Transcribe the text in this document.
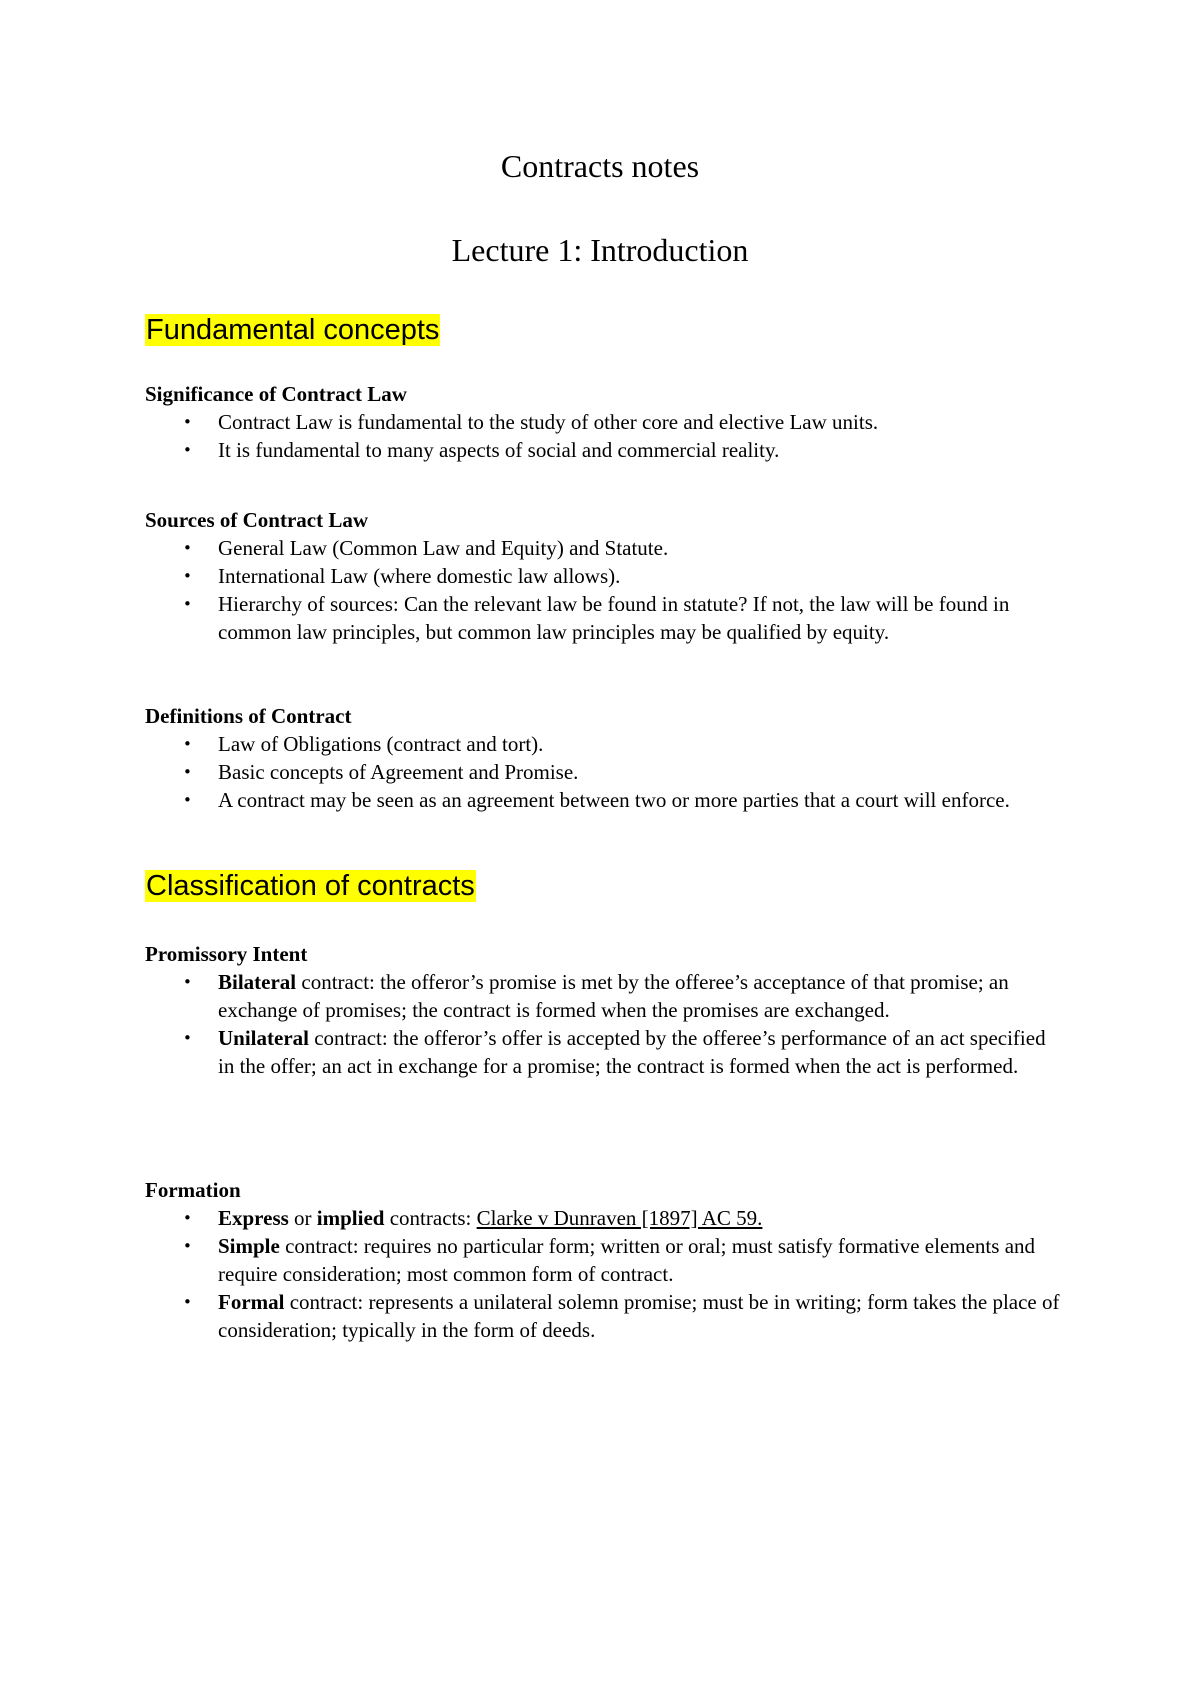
Contracts notes
Lecture 1: Introduction
Fundamental concepts

Significance of Contract Law

• Contract Law is fundamental to the study of other core and elective Law units.
• It is fundamental to many aspects of social and commercial reality.

Sources of Contract Law

• General Law (Common Law and Equity) and Statute.
• International Law (where domestic law allows).
• Hierarchy of sources: Can the relevant law be found in statute? If not, the law will be found in common law principles, but common law principles may be qualified by equity.

Definitions of Contract

• Law of Obligations (contract and tort).
• Basic concepts of Agreement and Promise.
• A contract may be seen as an agreement between two or more parties that a court will enforce.
Classification of contracts

Promissory Intent

• Bilateral contract: the offeror’s promise is met by the offeree’s acceptance of that promise; an exchange of promises; the contract is formed when the promises are exchanged.
• Unilateral contract: the offeror’s offer is accepted by the offeree’s performance of an act specified in the offer; an act in exchange for a promise; the contract is formed when the act is performed.

Formation

• Express or implied contracts: Clarke v Dunraven [1897] AC 59.
• Simple contract: requires no particular form; written or oral; must satisfy formative elements and require consideration; most common form of contract.
• Formal contract: represents a unilateral solemn promise; must be in writing; form takes the place of consideration; typically in the form of deeds.
